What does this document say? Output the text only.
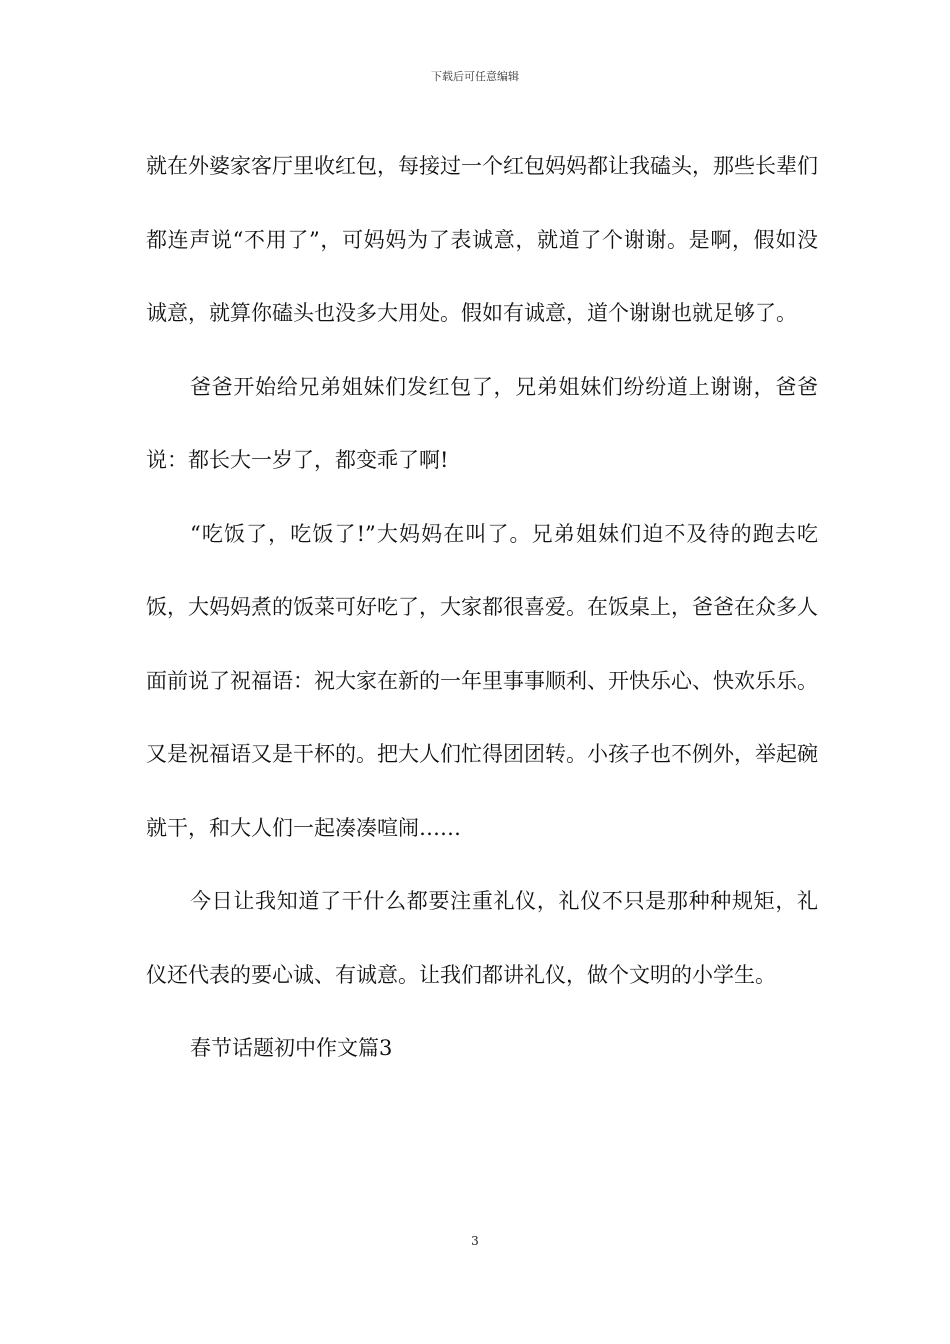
下载后可任意编辑

就在外婆家客厅里收红包，每接过一个红包妈妈都让我磕头，那些长辈们都连声说“不用了”，可妈妈为了表诚意，就道了个谢谢。是啊，假如没诚意，就算你磕头也没多大用处。假如有诚意，道个谢谢也就足够了。

爸爸开始给兄弟姐妹们发红包了，兄弟姐妹们纷纷道上谢谢，爸爸说：都长大一岁了，都变乖了啊!

“吃饭了，吃饭了!”大妈妈在叫了。兄弟姐妹们迫不及待的跑去吃饭，大妈妈煮的饭菜可好吃了，大家都很喜爱。在饭桌上，爸爸在众多人面前说了祝福语：祝大家在新的一年里事事顺利、开快乐心、快欢乐乐。又是祝福语又是干杯的。把大人们忙得团团转。小孩子也不例外，举起碗就干，和大人们一起凑凑喧闹……

今日让我知道了干什么都要注重礼仪，礼仪不只是那种种规矩，礼仪还代表的要心诚、有诚意。让我们都讲礼仪，做个文明的小学生。

春节话题初中作文篇3

3
